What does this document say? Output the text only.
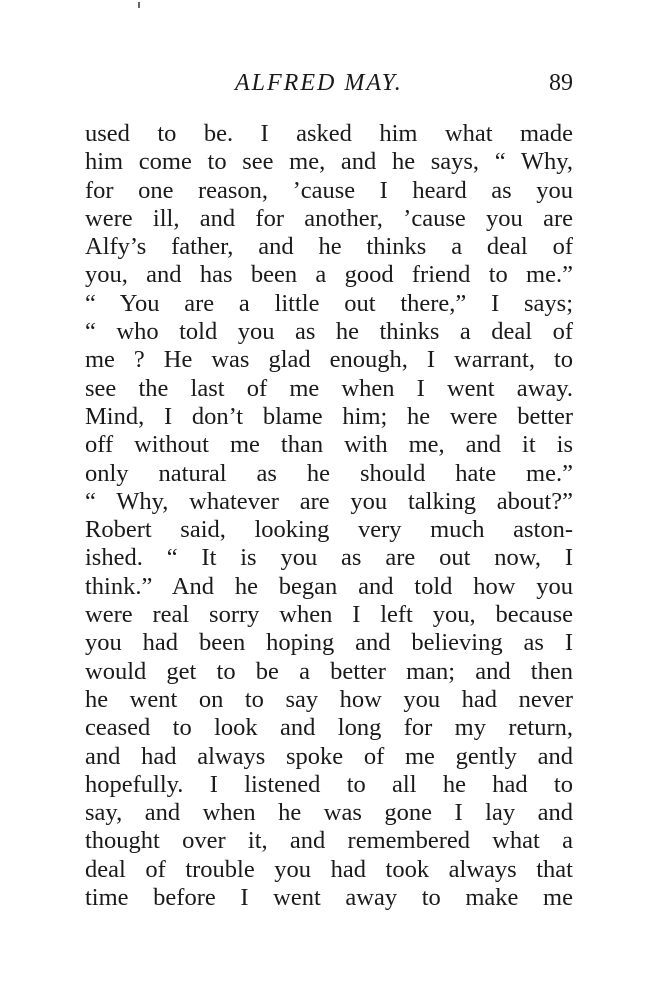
ALFRED MAY.	89
used to be. I asked him what made
him come to see me, and he says, “ Why,
for one reason, ’cause I heard as you
were ill, and for another, ’cause you are
Alfy’s father, and he thinks a deal of
you, and has been a good friend to me.”
“ You are a little out there,” I says;
“ who told you as he thinks a deal of
me ? He was glad enough, I warrant, to
see the last of me when I went away.
Mind, I don’t blame him; he were better
off without me than with me, and it is
only natural as he should hate me.”
“ Why, whatever are you talking about?”
Robert said, looking very much aston-
ished. “ It is you as are out now, I
think.” And he began and told how you
were real sorry when I left you, because
you had been hoping and believing as I
would get to be a better man; and then
he went on to say how you had never
ceased to look and long for my return,
and had always spoke of me gently and
hopefully. I listened to all he had to
say, and when he was gone I lay and
thought over it, and remembered what a
deal of trouble you had took always that
time before I went away to make me
